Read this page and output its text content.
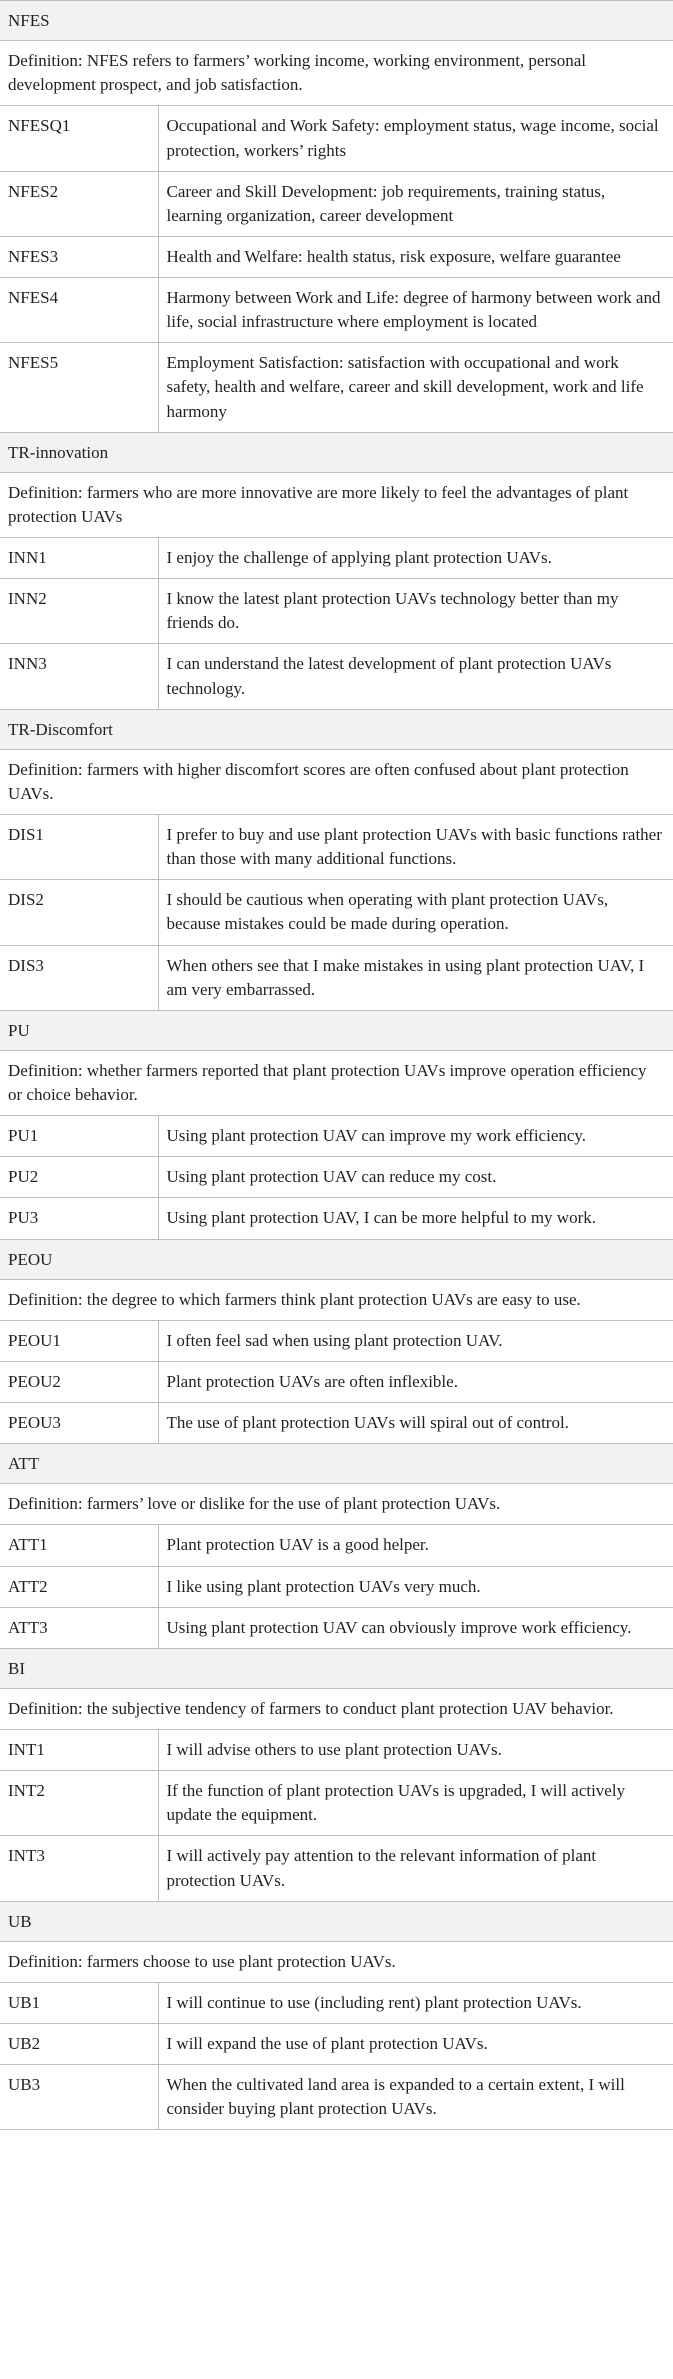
NFES	
Definition: NFES refers to farmers’ working income, working environment, personal development prospect, and job satisfaction.	
NFESQ1	Occupational and Work Safety: employment status, wage income, social protection, workers’ rights
NFES2	Career and Skill Development: job requirements, training status, learning organization, career development
NFES3	Health and Welfare: health status, risk exposure, welfare guarantee
NFES4	Harmony between Work and Life: degree of harmony between work and life, social infrastructure where employment is located
NFES5	Employment Satisfaction: satisfaction with occupational and work safety, health and welfare, career and skill development, work and life harmony
TR-innovation	
Definition: farmers who are more innovative are more likely to feel the advantages of plant protection UAVs	
INN1	I enjoy the challenge of applying plant protection UAVs.
INN2	I know the latest plant protection UAVs technology better than my friends do.
INN3	I can understand the latest development of plant protection UAVs technology.
TR-Discomfort	
Definition: farmers with higher discomfort scores are often confused about plant protection UAVs.	
DIS1	I prefer to buy and use plant protection UAVs with basic functions rather than those with many additional functions.
DIS2	I should be cautious when operating with plant protection UAVs, because mistakes could be made during operation.
DIS3	When others see that I make mistakes in using plant protection UAV, I am very embarrassed.
PU	
Definition: whether farmers reported that plant protection UAVs improve operation efficiency or choice behavior.	
PU1	Using plant protection UAV can improve my work efficiency.
PU2	Using plant protection UAV can reduce my cost.
PU3	Using plant protection UAV, I can be more helpful to my work.
PEOU	
Definition: the degree to which farmers think plant protection UAVs are easy to use.	
PEOU1	I often feel sad when using plant protection UAV.
PEOU2	Plant protection UAVs are often inflexible.
PEOU3	The use of plant protection UAVs will spiral out of control.
ATT	
Definition: farmers’ love or dislike for the use of plant protection UAVs.	
ATT1	Plant protection UAV is a good helper.
ATT2	I like using plant protection UAVs very much.
ATT3	Using plant protection UAV can obviously improve work efficiency.
BI	
Definition: the subjective tendency of farmers to conduct plant protection UAV behavior.	
INT1	I will advise others to use plant protection UAVs.
INT2	If the function of plant protection UAVs is upgraded, I will actively update the equipment.
INT3	I will actively pay attention to the relevant information of plant protection UAVs.
UB	
Definition: farmers choose to use plant protection UAVs.	
UB1	I will continue to use (including rent) plant protection UAVs.
UB2	I will expand the use of plant protection UAVs.
UB3	When the cultivated land area is expanded to a certain extent, I will consider buying plant protection UAVs.
